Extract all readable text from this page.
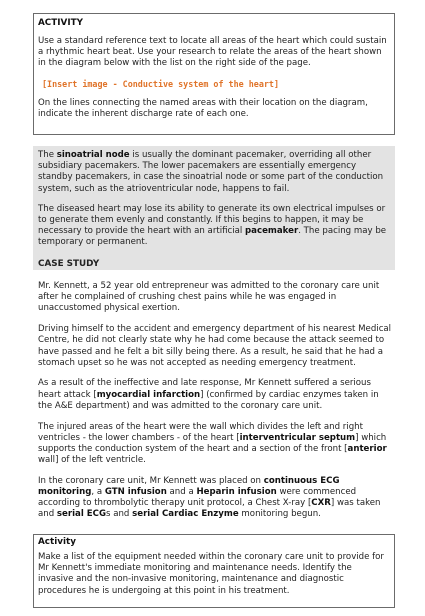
ACTIVITY

Use a standard reference text to locate all areas of the heart which could sustain a rhythmic heart beat. Use your research to relate the areas of the heart shown in the diagram below with the list on the right side of the page.

[Insert image - Conductive system of the heart]

On the lines connecting the named areas with their location on the diagram, indicate the inherent discharge rate of each one.

The sinoatrial node is usually the dominant pacemaker, overriding all other subsidiary pacemakers. The lower pacemakers are essentially emergency standby pacemakers, in case the sinoatrial node or some part of the conduction system, such as the atrioventricular node, happens to fail.

The diseased heart may lose its ability to generate its own electrical impulses or to generate them evenly and constantly. If this begins to happen, it may be necessary to provide the heart with an artificial pacemaker. The pacing may be temporary or permanent.

CASE STUDY

Mr. Kennett, a 52 year old entrepreneur was admitted to the coronary care unit after he complained of crushing chest pains while he was engaged in unaccustomed physical exertion.

Driving himself to the accident and emergency department of his nearest Medical Centre, he did not clearly state why he had come because the attack seemed to have passed and he felt a bit silly being there. As a result, he said that he had a stomach upset so he was not accepted as needing emergency treatment.

As a result of the ineffective and late response, Mr Kennett suffered a serious heart attack [myocardial infarction] (confirmed by cardiac enzymes taken in the A&E department) and was admitted to the coronary care unit.

The injured areas of the heart were the wall which divides the left and right ventricles - the lower chambers - of the heart [interventricular septum] which supports the conduction system of the heart and a section of the front [anterior wall] of the left ventricle.

In the coronary care unit, Mr Kennett was placed on continuous ECG monitoring, a GTN infusion and a Heparin infusion were commenced according to thrombolytic therapy unit protocol, a Chest X-ray [CXR] was taken and serial ECGs and serial Cardiac Enzyme monitoring begun.

Activity

Make a list of the equipment needed within the coronary care unit to provide for Mr Kennett's immediate monitoring and maintenance needs. Identify the invasive and the non-invasive monitoring, maintenance and diagnostic procedures he is undergoing at this point in his treatment.
